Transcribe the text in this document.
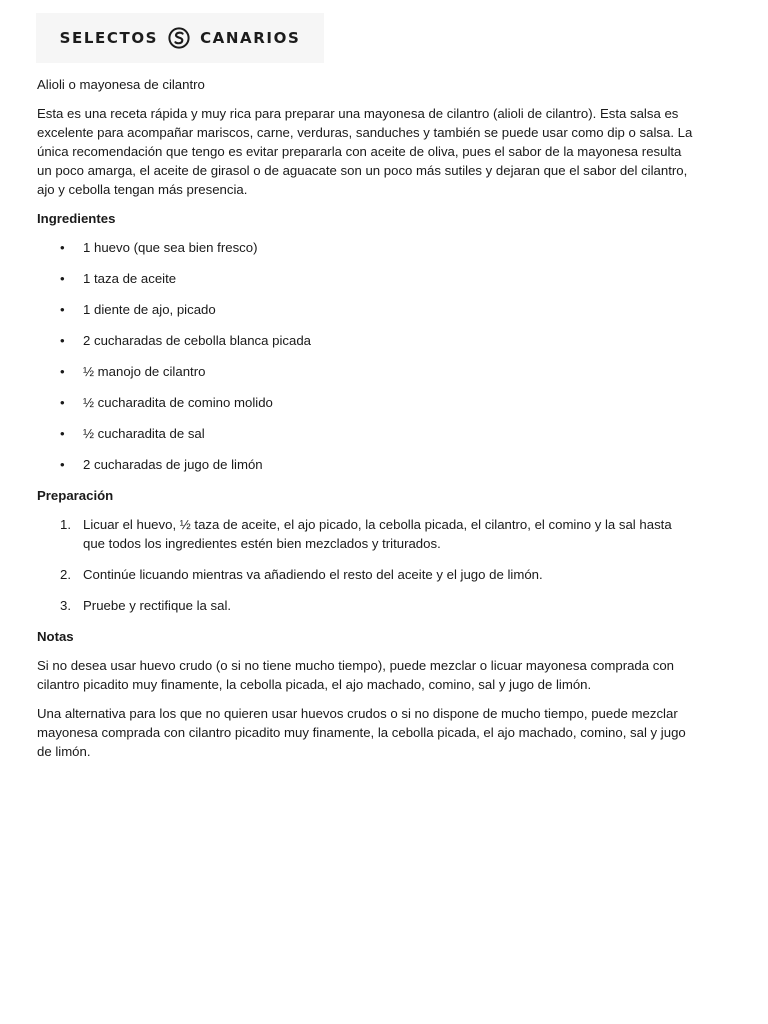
SELECTOS	CANARIOS

Alioli o mayonesa de cilantro

Esta es una receta rápida y muy rica para preparar una mayonesa de cilantro (alioli de cilantro). Esta salsa es excelente para acompañar mariscos, carne, verduras, sanduches y también se puede usar como dip o salsa. La única recomendación que tengo es evitar prepararla con aceite de oliva, pues el sabor de la mayonesa resulta un poco amarga, el aceite de girasol o de aguacate son un poco más sutiles y dejaran que el sabor del cilantro, ajo y cebolla tengan más presencia.

Ingredientes

• 1 huevo (que sea bien fresco)
• 1 taza de aceite
• 1 diente de ajo, picado
• 2 cucharadas de cebolla blanca picada
• ½ manojo de cilantro
• ½ cucharadita de comino molido
• ½ cucharadita de sal
• 2 cucharadas de jugo de limón

Preparación

1. Licuar el huevo, ½ taza de aceite, el ajo picado, la cebolla picada, el cilantro, el comino y la sal hasta que todos los ingredientes estén bien mezclados y triturados.
2. Continúe licuando mientras va añadiendo el resto del aceite y el jugo de limón.
3. Pruebe y rectifique la sal.

Notas

Si no desea usar huevo crudo (o si no tiene mucho tiempo), puede mezclar o licuar mayonesa comprada con cilantro picadito muy finamente, la cebolla picada, el ajo machado, comino, sal y jugo de limón.

Una alternativa para los que no quieren usar huevos crudos o si no dispone de mucho tiempo, puede mezclar mayonesa comprada con cilantro picadito muy finamente, la cebolla picada, el ajo machado, comino, sal y jugo de limón.
